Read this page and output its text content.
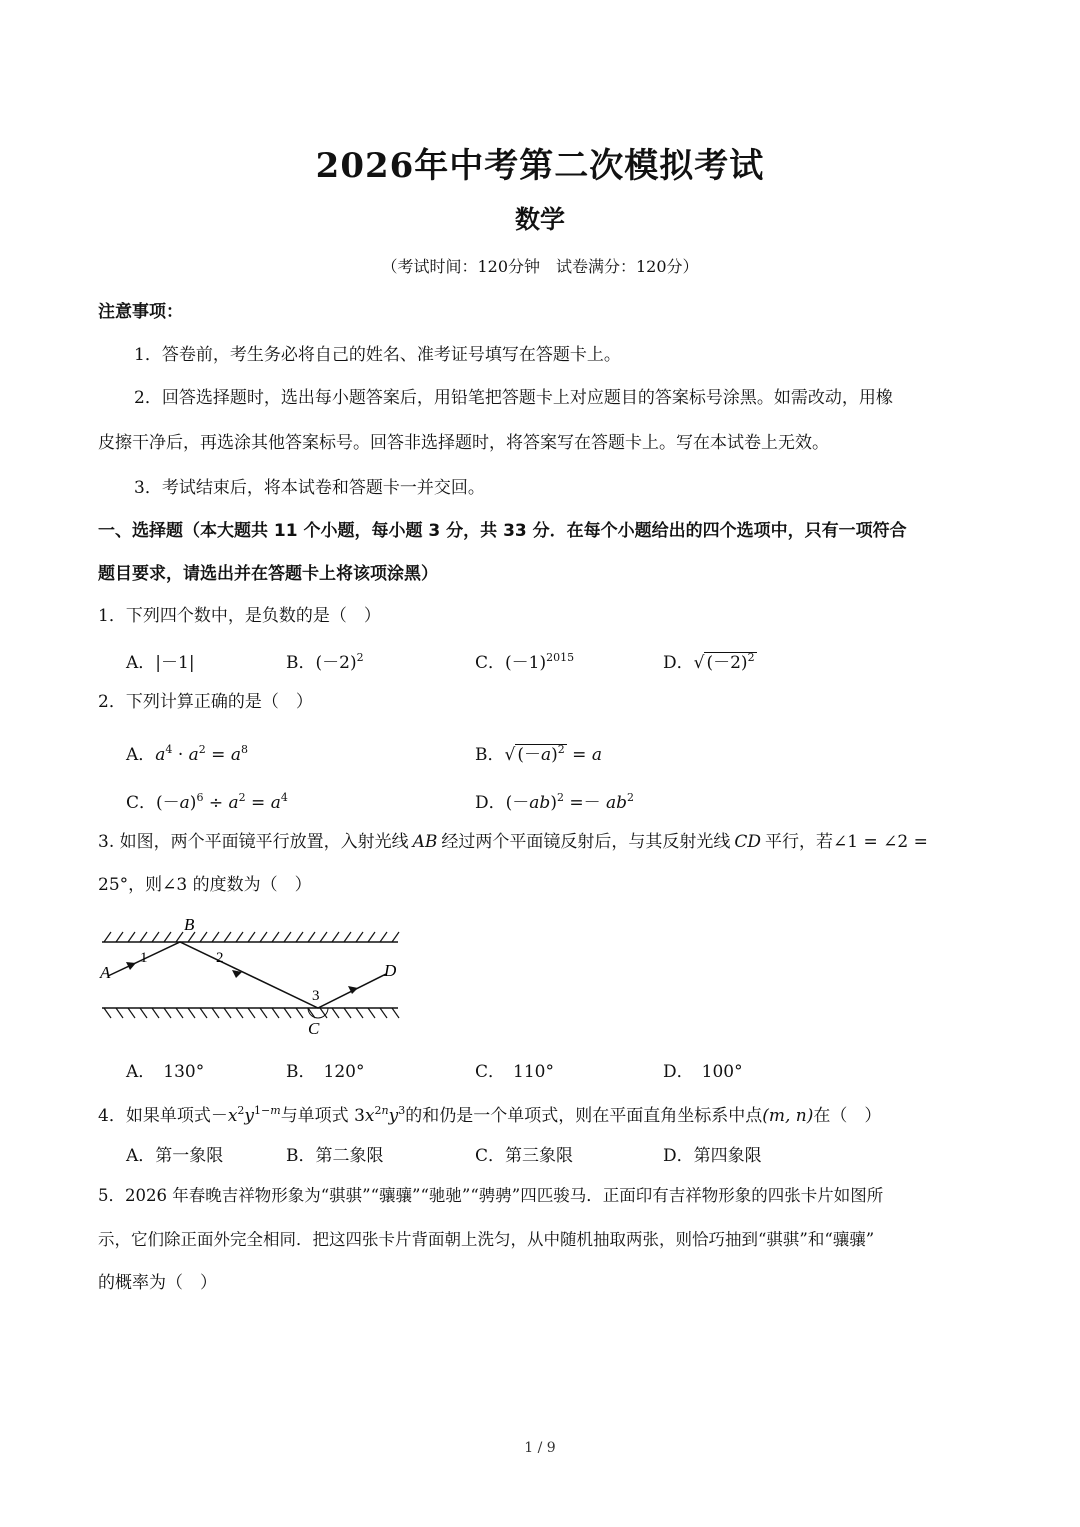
2026年中考第二次模拟考试
数学
（考试时间：120分钟　试卷满分：120分）
注意事项：
1．答卷前，考生务必将自己的姓名、准考证号填写在答题卡上。
2．回答选择题时，选出每小题答案后，用铅笔把答题卡上对应题目的答案标号涂黑。如需改动，用橡
皮擦干净后，再选涂其他答案标号。回答非选择题时，将答案写在答题卡上。写在本试卷上无效。
3．考试结束后，将本试卷和答题卡一并交回。
一、选择题（本大题共 11 个小题，每小题 3 分，共 33 分．在每个小题给出的四个选项中，只有一项符合
题目要求，请选出并在答题卡上将该项涂黑）
1．下列四个数中，是负数的是（　）
A．|－1|	B．$(-2)^2$	C．$(-1)^{2015}$	D．√ $(-2)^2$
2．下列计算正确的是（　）
A．$a^4 \cdot a^2 = a^8$	B．√ $(-a)^2 = a$
C．$(-a)^6 \div a^2 = a^4$	D．$(-ab)^2 =- ab^2$
3. 如图，两个平面镜平行放置，入射光线 AB 经过两个平面镜反射后，与其反射光线 CD 平行，若∠1 = ∠2 =
25°，则∠3 的度数为（　）
A
B
C
D
1	2
3
A． 130°	B． 120°	C． 110°	D． 100°
4．如果单项式$-x^2y^{1-m}$与单项式 $3x^{2n}y^3$的和仍是一个单项式，则在平面直角坐标系中点(m, n)在（　）
A．第一象限	B．第二象限	C．第三象限	D．第四象限
5．2026 年春晚吉祥物形象为“骐骐”“骧骧”“驰驰”“骋骋”四匹骏马．正面印有吉祥物形象的四张卡片如图所
示，它们除正面外完全相同．把这四张卡片背面朝上洗匀，从中随机抽取两张，则恰巧抽到“骐骐”和“骧骧”
的概率为（　）
1 / 9
